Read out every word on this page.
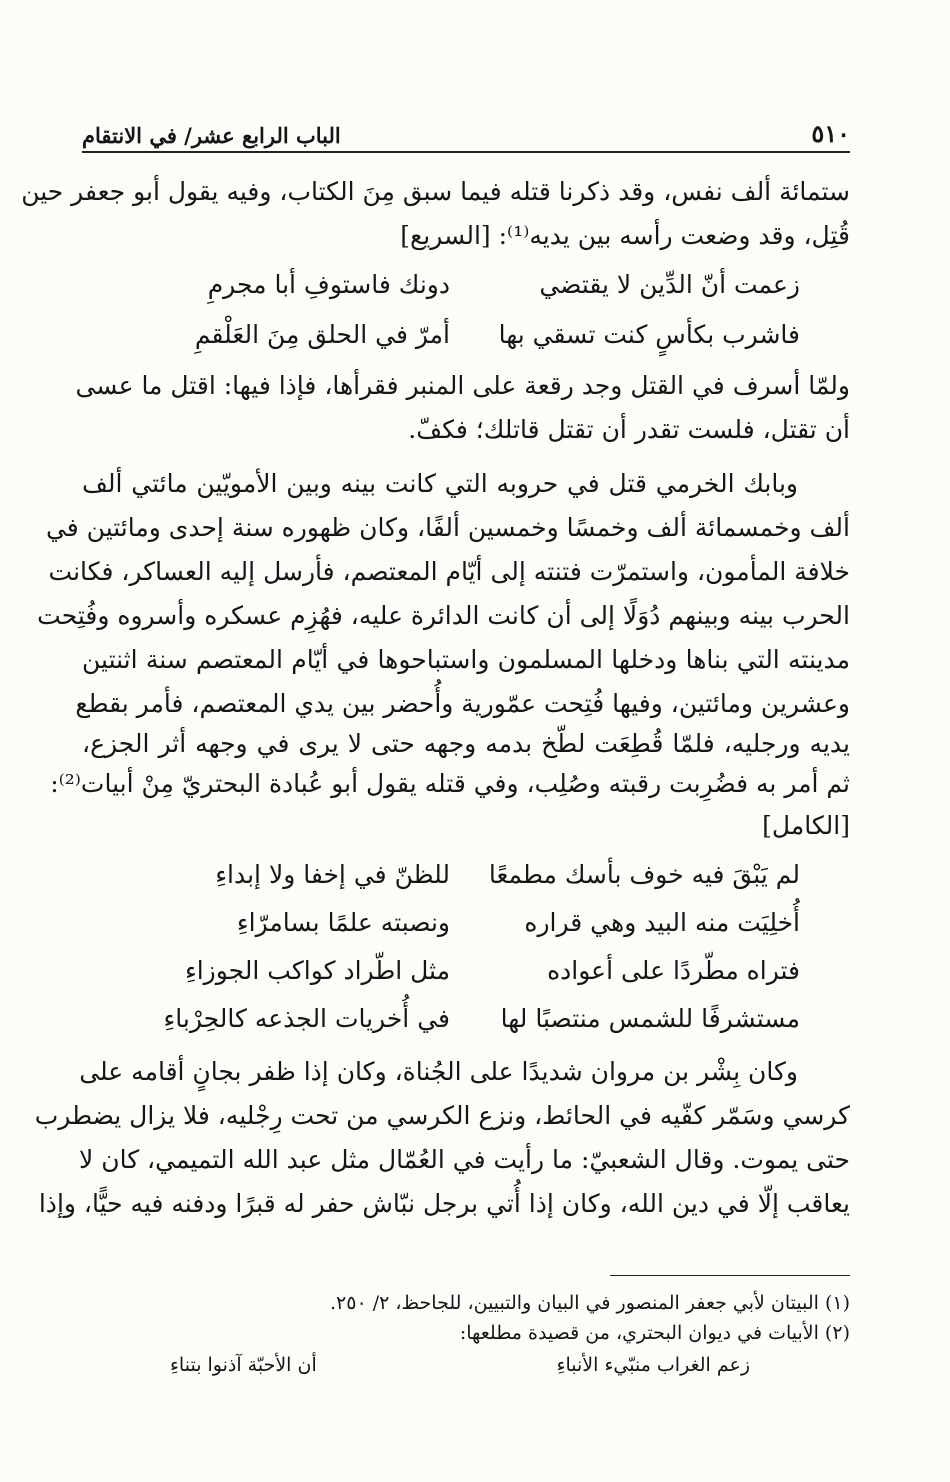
٥١٠
الباب الرابع عشر/ في الانتقام
ستمائة ألف نفس، وقد ذكرنا قتله فيما سبق مِنَ الكتاب، وفيه يقول أبو جعفر حين
قُتِل، وقد وضعت رأسه بين يديه⁽¹⁾: [السريع]
زعمت أنّ الدِّين لا يقتضي
دونك فاستوفِ أبا مجرمِ
فاشرب بكأسٍ كنت تسقي بها
أمرّ في الحلق مِنَ العَلْقمِ
ولمّا أسرف في القتل وجد رقعة على المنبر فقرأها، فإذا فيها: اقتل ما عسى
أن تقتل، فلست تقدر أن تقتل قاتلك؛ فكفّ.
وبابك الخرمي قتل في حروبه التي كانت بينه وبين الأمويّين مائتي ألف
ألف وخمسمائة ألف وخمسًا وخمسين ألفًا، وكان ظهوره سنة إحدى ومائتين في
خلافة المأمون، واستمرّت فتنته إلى أيّام المعتصم، فأرسل إليه العساكر، فكانت
الحرب بينه وبينهم دُوَلًا إلى أن كانت الدائرة عليه، فهُزِم عسكره وأسروه وفُتِحت
مدينته التي بناها ودخلها المسلمون واستباحوها في أيّام المعتصم سنة اثنتين
وعشرين ومائتين، وفيها فُتِحت عمّورية وأُحضر بين يدي المعتصم، فأمر بقطع
يديه ورجليه، فلمّا قُطِعَت لطّخ بدمه وجهه حتى لا يرى في وجهه أثر الجزع،
ثم أمر به فضُرِبت رقبته وصُلِب، وفي قتله يقول أبو عُبادة البحتريّ مِنْ أبيات⁽²⁾:
[الكامل]
لم يَبْقَ فيه خوف بأسك مطمعًا
للظنّ في إخفا ولا إبداءِ
أُخلِيَت منه البيد وهي قراره
ونصبته علمًا بسامرّاءِ
فتراه مطّردًا على أعواده
مثل اطّراد كواكب الجوزاءِ
مستشرفًا للشمس منتصبًا لها
في أُخريات الجذعه كالحِرْباءِ
وكان بِشْر بن مروان شديدًا على الجُناة، وكان إذا ظفر بجانٍ أقامه على
كرسي وسَمّر كفّيه في الحائط، ونزع الكرسي من تحت رِجْليه، فلا يزال يضطرب
حتى يموت. وقال الشعبيّ: ما رأيت في العُمّال مثل عبد الله التميمي، كان لا
يعاقب إلّا في دين الله، وكان إذا أُتي برجل نبّاش حفر له قبرًا ودفنه فيه حيًّا، وإذا
(١) البيتان لأبي جعفر المنصور في البيان والتبيين، للجاحظ، ٢/ ٢٥٠.
(٢) الأبيات في ديوان البحتري، من قصيدة مطلعها:
زعم الغراب منبّيء الأنباءِ
أن الأحبّة آذنوا بتناءِ
